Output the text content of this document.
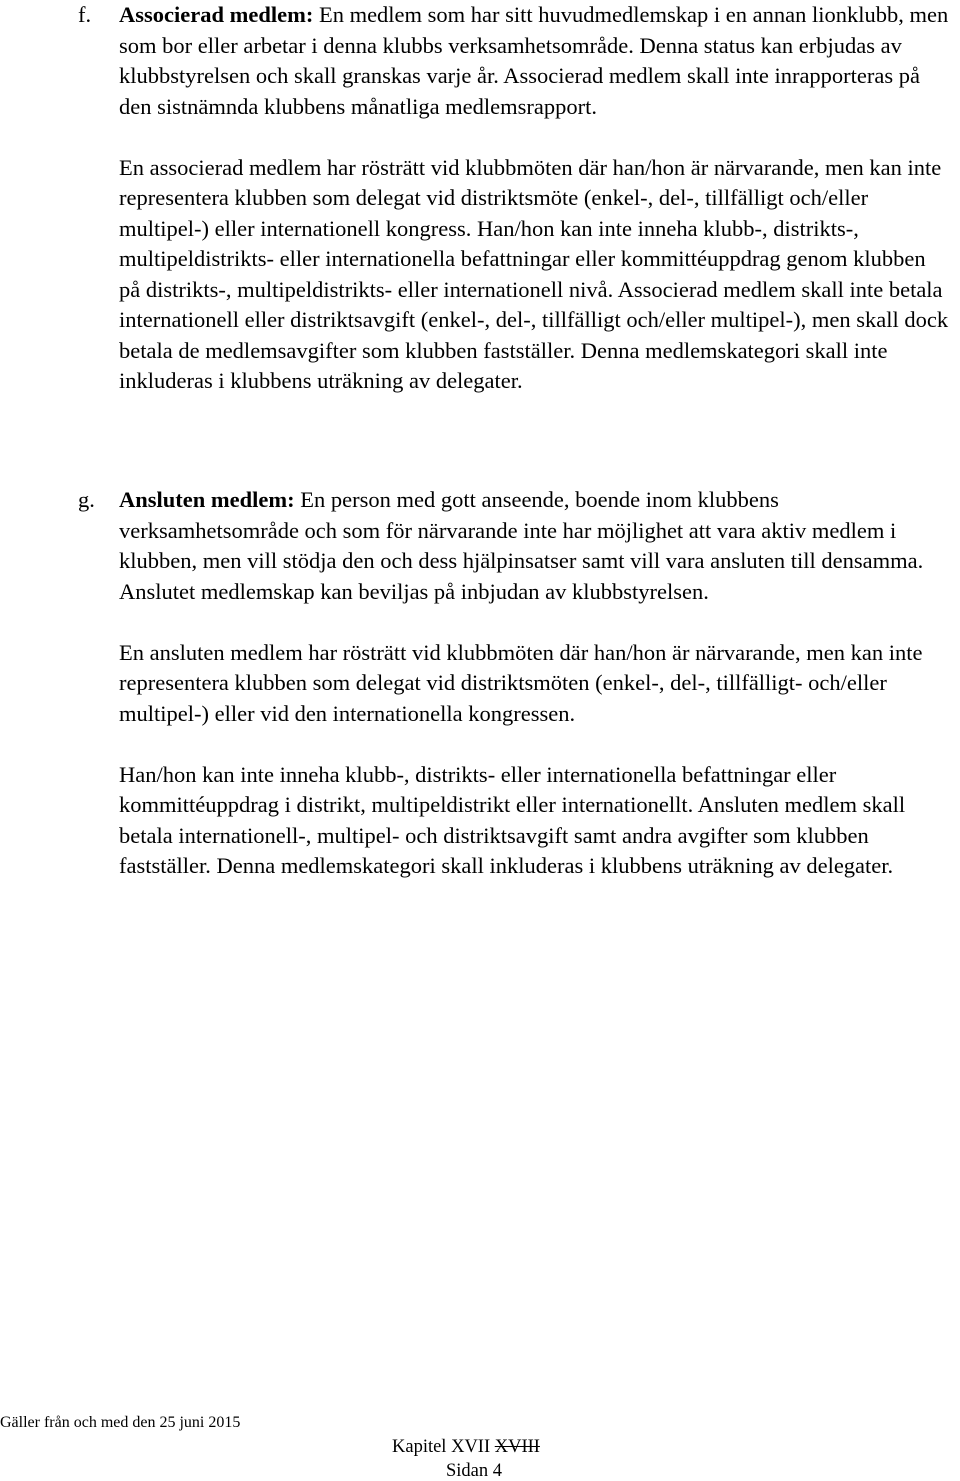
f. Associerad medlem: En medlem som har sitt huvudmedlemskap i en annan lionklubb, men som bor eller arbetar i denna klubbs verksamhetsområde. Denna status kan erbjudas av klubbstyrelsen och skall granskas varje år. Associerad medlem skall inte inrapporteras på den sistnämnda klubbens månatliga medlemsrapport.

En associerad medlem har rösträtt vid klubbmöten där han/hon är närvarande, men kan inte representera klubben som delegat vid distriktsmöte (enkel-, del-, tillfälligt och/eller multipel-) eller internationell kongress. Han/hon kan inte inneha klubb-, distrikts-, multipeldistrikts- eller internationella befattningar eller kommittéuppdrag genom klubben på distrikts-, multipeldistrikts- eller internationell nivå. Associerad medlem skall inte betala internationell eller distriktsavgift (enkel-, del-, tillfälligt och/eller multipel-), men skall dock betala de medlemsavgifter som klubben fastställer. Denna medlemskategori skall inte inkluderas i klubbens uträkning av delegater.

g. Ansluten medlem: En person med gott anseende, boende inom klubbens verksamhetsområde och som för närvarande inte har möjlighet att vara aktiv medlem i klubben, men vill stödja den och dess hjälpinsatser samt vill vara ansluten till densamma. Anslutet medlemskap kan beviljas på inbjudan av klubbstyrelsen.

En ansluten medlem har rösträtt vid klubbmöten där han/hon är närvarande, men kan inte representera klubben som delegat vid distriktsmöten (enkel-, del-, tillfälligt- och/eller multipel-) eller vid den internationella kongressen.

Han/hon kan inte inneha klubb-, distrikts- eller internationella befattningar eller kommittéuppdrag i distrikt, multipeldistrikt eller internationellt. Ansluten medlem skall betala internationell-, multipel- och distriktsavgift samt andra avgifter som klubben fastställer. Denna medlemskategori skall inkluderas i klubbens uträkning av delegater.

Gäller från och med den 25 juni 2015
Kapitel XVII XVIII
Sidan 4
